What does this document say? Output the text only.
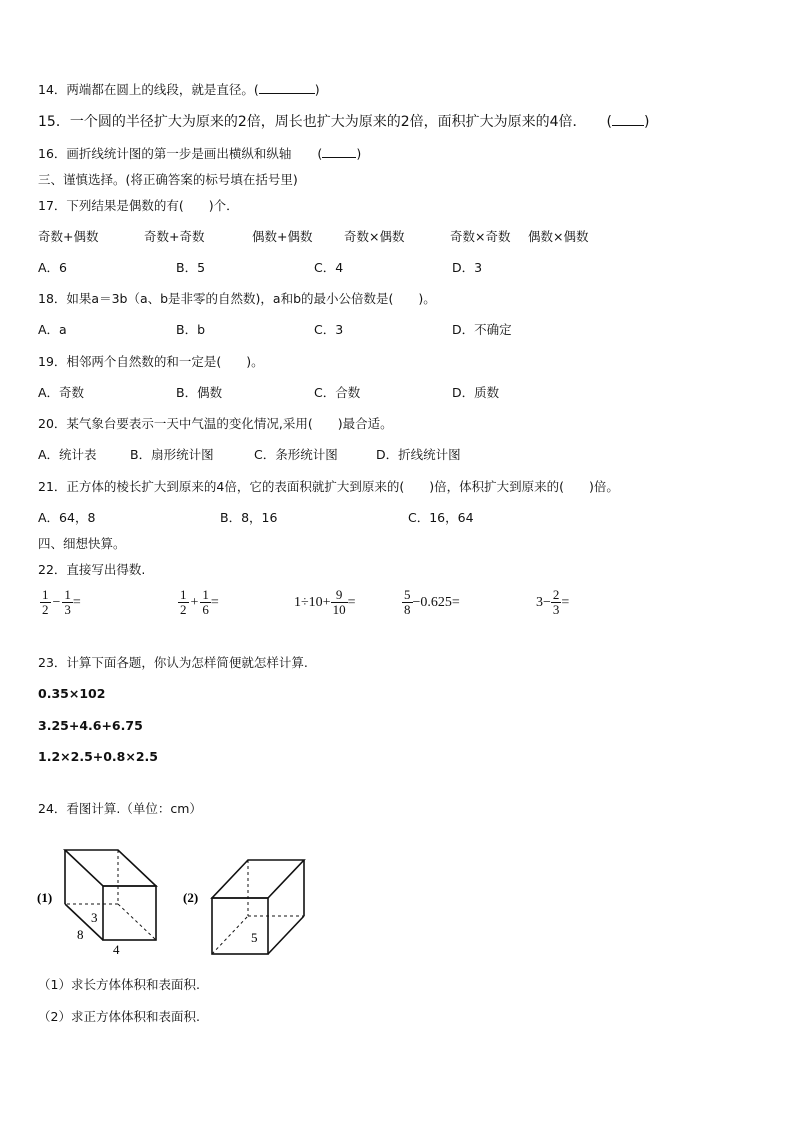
14．两端都在圆上的线段，就是直径。(	)
15．一个圆的半径扩大为原来的2倍，周长也扩大为原来的2倍，面积扩大为原来的4倍． ( )
16．画折线统计图的第一步是画出横纵和纵轴 (	)
三、谨慎选择。(将正确答案的标号填在括号里)
17．下列结果是偶数的有(　　)个．
奇数+偶数	奇数+奇数	偶数+偶数	奇数×偶数	奇数×奇数 偶数×偶数
A．6	B．5	C．4	D．3
18．如果a＝3b（a、b是非零的自然数)，a和b的最小公倍数是(　　)。
A．a	B．b	C．3	D．不确定
19．相邻两个自然数的和一定是(　　)。
A．奇数	B．偶数	C．合数	D．质数
20．某气象台要表示一天中气温的变化情况,采用(　　)最合适。
A．统计表	B．扇形统计图	C．条形统计图	D．折线统计图
21．正方体的棱长扩大到原来的4倍，它的表面积就扩大到原来的(　　)倍，体积扩大到原来的(　　)倍。
A．64，8	B．8，16	C．16，64
四、细想快算。
22．直接写出得数.
$\frac{1}{2} - \frac{1}{3}$ =	$\frac{1}{2} + \frac{1}{6}$ =	$1\div 10+ \frac{9}{10}$ =	$\frac{5}{8} -0.625$ =	$3- \frac{2}{3}$ =
23．计算下面各题，你认为怎样简便就怎样计算.
0.35×102
3.25+4.6+6.75
1.2×2.5+0.8×2.5
24．看图计算.（单位：cm）
(1)
3
8
4
(2)
5
（1）求长方体体积和表面积.
（2）求正方体体积和表面积.
